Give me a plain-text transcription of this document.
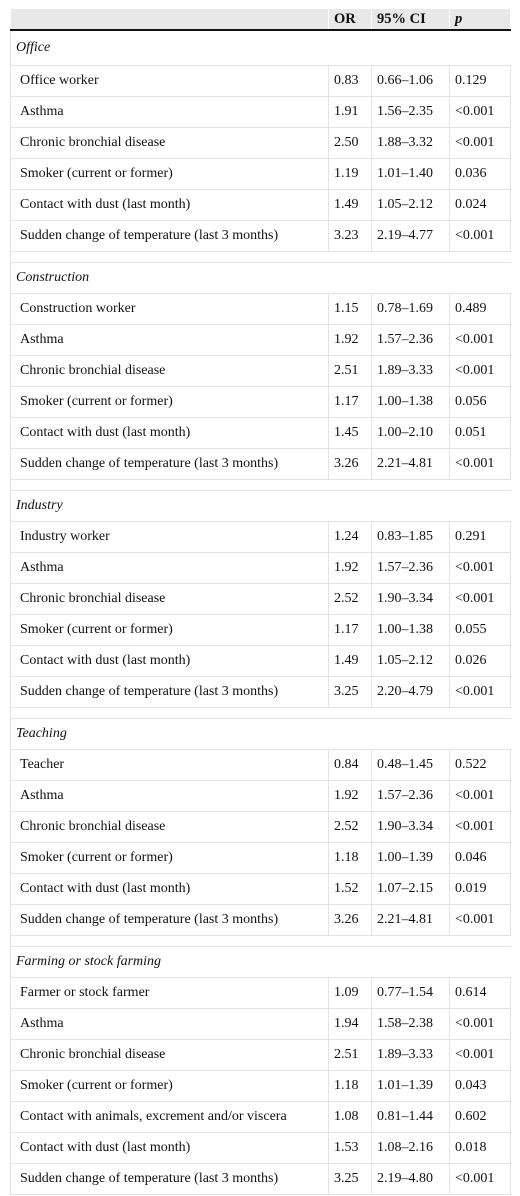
	OR	95% CI	p
Office			
Office worker	0.83	0.66–1.06	0.129
Asthma	1.91	1.56–2.35	<0.001
Chronic bronchial disease	2.50	1.88–3.32	<0.001
Smoker (current or former)	1.19	1.01–1.40	0.036
Contact with dust (last month)	1.49	1.05–2.12	0.024
Sudden change of temperature (last 3 months)	3.23	2.19–4.77	<0.001

Construction			
Construction worker	1.15	0.78–1.69	0.489
Asthma	1.92	1.57–2.36	<0.001
Chronic bronchial disease	2.51	1.89–3.33	<0.001
Smoker (current or former)	1.17	1.00–1.38	0.056
Contact with dust (last month)	1.45	1.00–2.10	0.051
Sudden change of temperature (last 3 months)	3.26	2.21–4.81	<0.001

Industry			
Industry worker	1.24	0.83–1.85	0.291
Asthma	1.92	1.57–2.36	<0.001
Chronic bronchial disease	2.52	1.90–3.34	<0.001
Smoker (current or former)	1.17	1.00–1.38	0.055
Contact with dust (last month)	1.49	1.05–2.12	0.026
Sudden change of temperature (last 3 months)	3.25	2.20–4.79	<0.001

Teaching			
Teacher	0.84	0.48–1.45	0.522
Asthma	1.92	1.57–2.36	<0.001
Chronic bronchial disease	2.52	1.90–3.34	<0.001
Smoker (current or former)	1.18	1.00–1.39	0.046
Contact with dust (last month)	1.52	1.07–2.15	0.019
Sudden change of temperature (last 3 months)	3.26	2.21–4.81	<0.001

Farming or stock farming			
Farmer or stock farmer	1.09	0.77–1.54	0.614
Asthma	1.94	1.58–2.38	<0.001
Chronic bronchial disease	2.51	1.89–3.33	<0.001
Smoker (current or former)	1.18	1.01–1.39	0.043
Contact with animals, excrement and/or viscera	1.08	0.81–1.44	0.602
Contact with dust (last month)	1.53	1.08–2.16	0.018
Sudden change of temperature (last 3 months)	3.25	2.19–4.80	<0.001
